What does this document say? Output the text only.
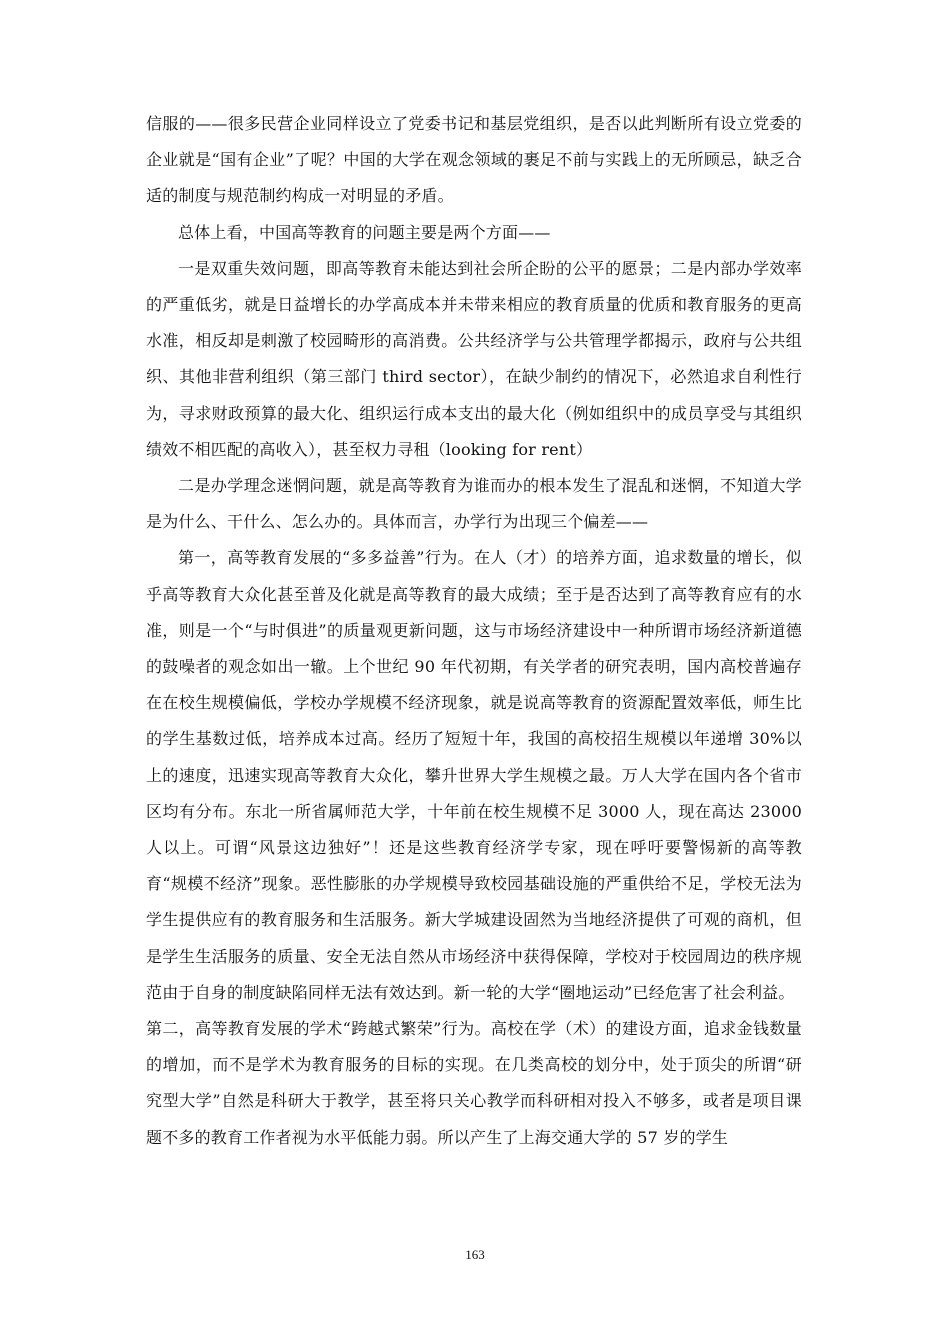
信服的——很多民营企业同样设立了党委书记和基层党组织，是否以此判断所有设立党委的企业就是“国有企业”了呢？中国的大学在观念领域的裹足不前与实践上的无所顾忌，缺乏合适的制度与规范制约构成一对明显的矛盾。

总体上看，中国高等教育的问题主要是两个方面——

一是双重失效问题，即高等教育未能达到社会所企盼的公平的愿景；二是内部办学效率的严重低劣，就是日益增长的办学高成本并未带来相应的教育质量的优质和教育服务的更高水准，相反却是刺激了校园畸形的高消费。公共经济学与公共管理学都揭示，政府与公共组织、其他非营利组织（第三部门 third sector），在缺少制约的情况下，必然追求自利性行为，寻求财政预算的最大化、组织运行成本支出的最大化（例如组织中的成员享受与其组织绩效不相匹配的高收入），甚至权力寻租（looking for rent）

二是办学理念迷惘问题，就是高等教育为谁而办的根本发生了混乱和迷惘，不知道大学是为什么、干什么、怎么办的。具体而言，办学行为出现三个偏差——

第一，高等教育发展的“多多益善”行为。在人（才）的培养方面，追求数量的增长，似乎高等教育大众化甚至普及化就是高等教育的最大成绩；至于是否达到了高等教育应有的水准，则是一个“与时俱进”的质量观更新问题，这与市场经济建设中一种所谓市场经济新道德的鼓噪者的观念如出一辙。上个世纪 90 年代初期，有关学者的研究表明，国内高校普遍存在在校生规模偏低，学校办学规模不经济现象，就是说高等教育的资源配置效率低，师生比的学生基数过低，培养成本过高。经历了短短十年，我国的高校招生规模以年递增 30%以上的速度，迅速实现高等教育大众化，攀升世界大学生规模之最。万人大学在国内各个省市区均有分布。东北一所省属师范大学，十年前在校生规模不足 3000 人，现在高达 23000 人以上。可谓“风景这边独好”！还是这些教育经济学专家，现在呼吁要警惕新的高等教育“规模不经济”现象。恶性膨胀的办学规模导致校园基础设施的严重供给不足，学校无法为学生提供应有的教育服务和生活服务。新大学城建设固然为当地经济提供了可观的商机，但是学生生活服务的质量、安全无法自然从市场经济中获得保障，学校对于校园周边的秩序规范由于自身的制度缺陷同样无法有效达到。新一轮的大学“圈地运动”已经危害了社会利益。

第二，高等教育发展的学术“跨越式繁荣”行为。高校在学（术）的建设方面，追求金钱数量的增加，而不是学术为教育服务的目标的实现。在几类高校的划分中，处于顶尖的所谓“研究型大学”自然是科研大于教学，甚至将只关心教学而科研相对投入不够多，或者是项目课题不多的教育工作者视为水平低能力弱。所以产生了上海交通大学的 57 岁的学生

163
